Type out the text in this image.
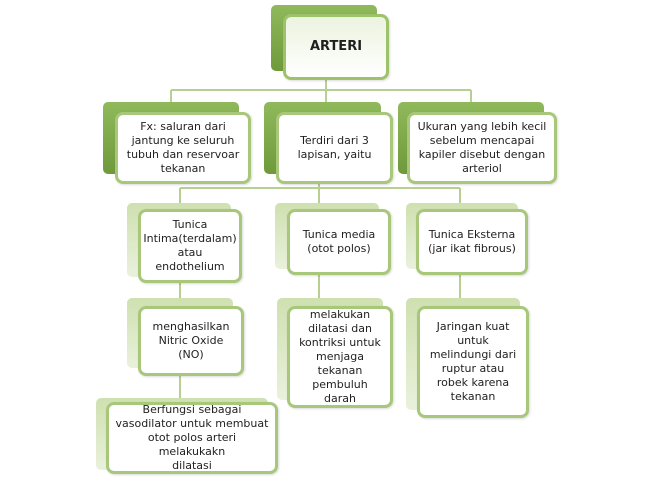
ARTERI
Fx: saluran dari
jantung ke seluruh
tubuh dan reservoar
tekanan
Terdiri dari 3
lapisan, yaitu
Ukuran yang lebih kecil
sebelum mencapai
kapiler disebut dengan
arteriol
Tunica
Intima(terdalam)
atau
endothelium
Tunica media
(otot polos)
Tunica Eksterna
(jar ikat fibrous)
menghasilkan
Nitric Oxide (NO)
melakukan
dilatasi dan
kontriksi untuk
menjaga
tekanan
pembuluh darah
Jaringan kuat
untuk
melindungi dari
ruptur atau
robek karena
tekanan
Berfungsi sebagai
vasodilator untuk membuat
otot polos arteri melakukakn
dilatasi
